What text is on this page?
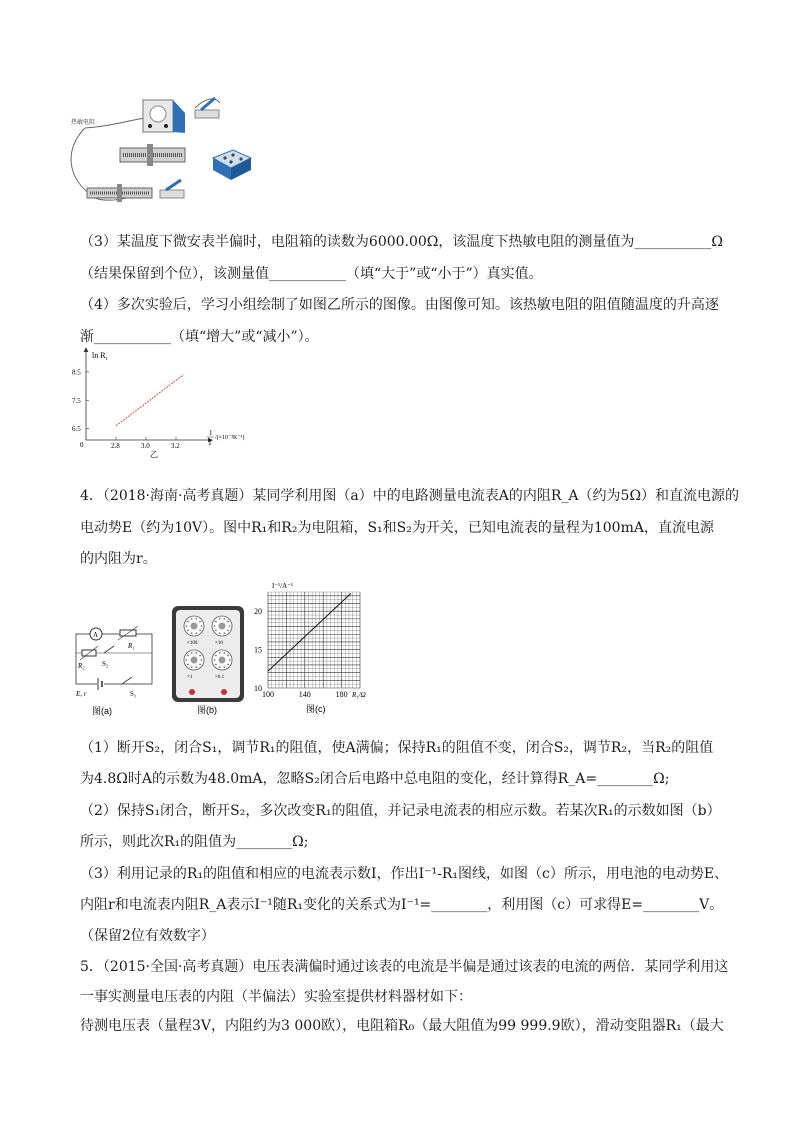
热敏电阻
（3）某温度下微安表半偏时，电阻箱的读数为6000.00Ω，该温度下热敏电阻的测量值为___________Ω
（结果保留到个位），该测量值___________（填“大于”或“小于”）真实值。
（4）多次实验后，学习小组绘制了如图乙所示的图像。由图像可知。该热敏电阻的阻值随温度的升高逐
渐___________（填“增大”或“减小”）。
$\ln R_t$
0
8.5
7.5
6.5
2.8	3.0	3.2
1
T
/(×10⁻³K⁻¹)
乙
4．（2018·海南·高考真题）某同学利用图（a）中的电路测量电流表A的内阻R_A（约为5Ω）和直流电源的
电动势E（约为10V）。图中R₁和R₂为电阻箱，S₁和S₂为开关，已知电流表的量程为100mA，直流电源
的内阻为r。
A
R₁
R₂ S₂
E, r	S₁
图(a)
×100	×10
×1	×0.1
图(b)
I⁻¹/A⁻¹
20
15
10
100	140	180 R₁/Ω
图(c)
（1）断开S₂，闭合S₁，调节R₁的阻值，使A满偏；保持R₁的阻值不变，闭合S₂，调节R₂，当R₂的阻值
为4.8Ω时A的示数为48.0mA，忽略S₂闭合后电路中总电阻的变化，经计算得R_A=________Ω;
（2）保持S₁闭合，断开S₂，多次改变R₁的阻值，并记录电流表的相应示数。若某次R₁的示数如图（b）
所示，则此次R₁的阻值为________Ω;
（3）利用记录的R₁的阻值和相应的电流表示数I，作出I⁻¹-R₁图线，如图（c）所示，用电池的电动势E、
内阻r和电流表内阻R_A表示I⁻¹随R₁变化的关系式为I⁻¹=________，利用图（c）可求得E=________V。
（保留2位有效数字）
5．（2015·全国·高考真题）电压表满偏时通过该表的电流是半偏是通过该表的电流的两倍．某同学利用这
一事实测量电压表的内阻（半偏法）实验室提供材料器材如下：
待测电压表（量程3V，内阻约为3 000欧），电阻箱R₀（最大阻值为99 999.9欧），滑动变阻器R₁（最大
